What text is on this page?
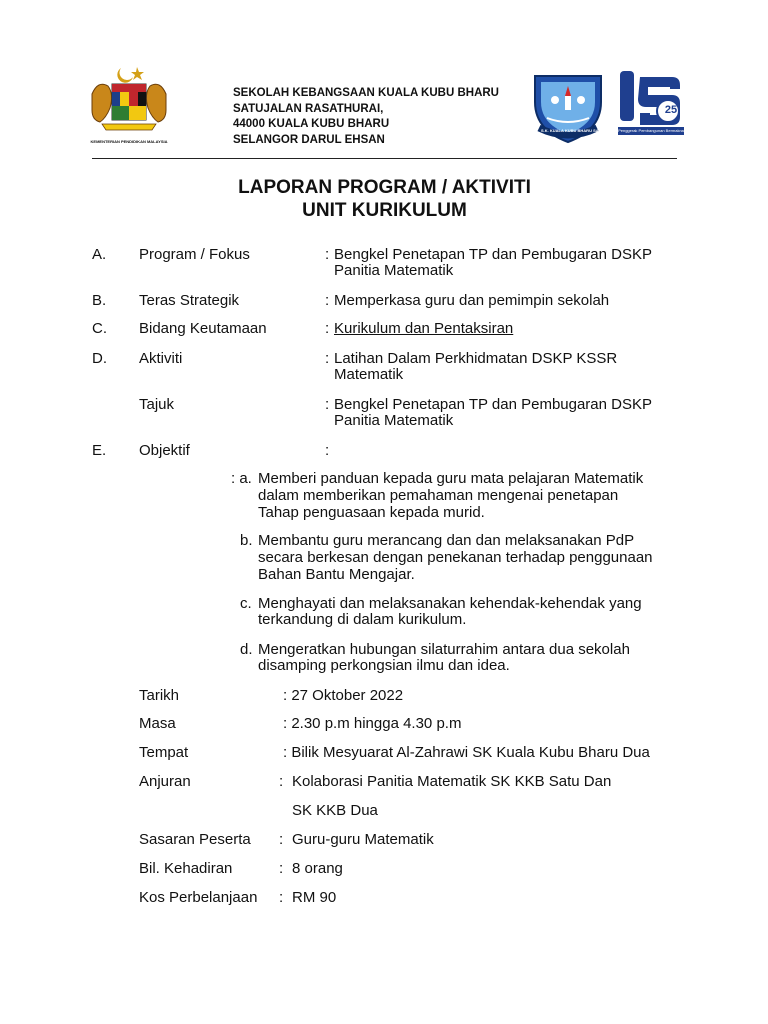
KEMENTERIAN PENDIDIKAN MALAYSIA
SEKOLAH KEBANGSAAN KUALA KUBU BHARU
SATUJALAN RASATHURAI,
44000 KUALA KUBU BHARU
SELANGOR DARUL EHSAN
S.K. KUALA KUBU BHARU SATU
25
Penggerak Pembangunan Bermakna
LAPORAN PROGRAM / AKTIVITI
UNIT KURIKULUM
A. Program / Fokus	: Bengkel Penetapan TP dan Pembugaran DSKP
Panitia Matematik
B. Teras Strategik	: Memperkasa guru dan pemimpin sekolah
C. Bidang Keutamaan	: Kurikulum dan Pentaksiran
D. Aktiviti	: Latihan Dalam Perkhidmatan DSKP KSSR
Matematik
Tajuk	: Bengkel Penetapan TP dan Pembugaran DSKP
Panitia Matematik
E. Objektif	:
: a. Memberi panduan kepada guru mata pelajaran Matematik
dalam memberikan pemahaman mengenai penetapan
Tahap penguasaan kepada murid.
b. Membantu guru merancang dan dan melaksanakan PdP
secara berkesan dengan penekanan terhadap penggunaan
Bahan Bantu Mengajar.
c. Menghayati dan melaksanakan kehendak-kehendak yang
terkandung di dalam kurikulum.
d. Mengeratkan hubungan silaturrahim antara dua sekolah
disamping perkongsian ilmu dan idea.
Tarikh	: 27 Oktober 2022
Masa	: 2.30 p.m hingga 4.30 p.m
Tempat	: Bilik Mesyuarat Al-Zahrawi SK Kuala Kubu Bharu Dua
Anjuran	: Kolaborasi Panitia Matematik SK KKB Satu Dan
SK KKB Dua
Sasaran Peserta : Guru-guru Matematik
Bil. Kehadiran	: 8 orang
Kos Perbelanjaan : RM 90
